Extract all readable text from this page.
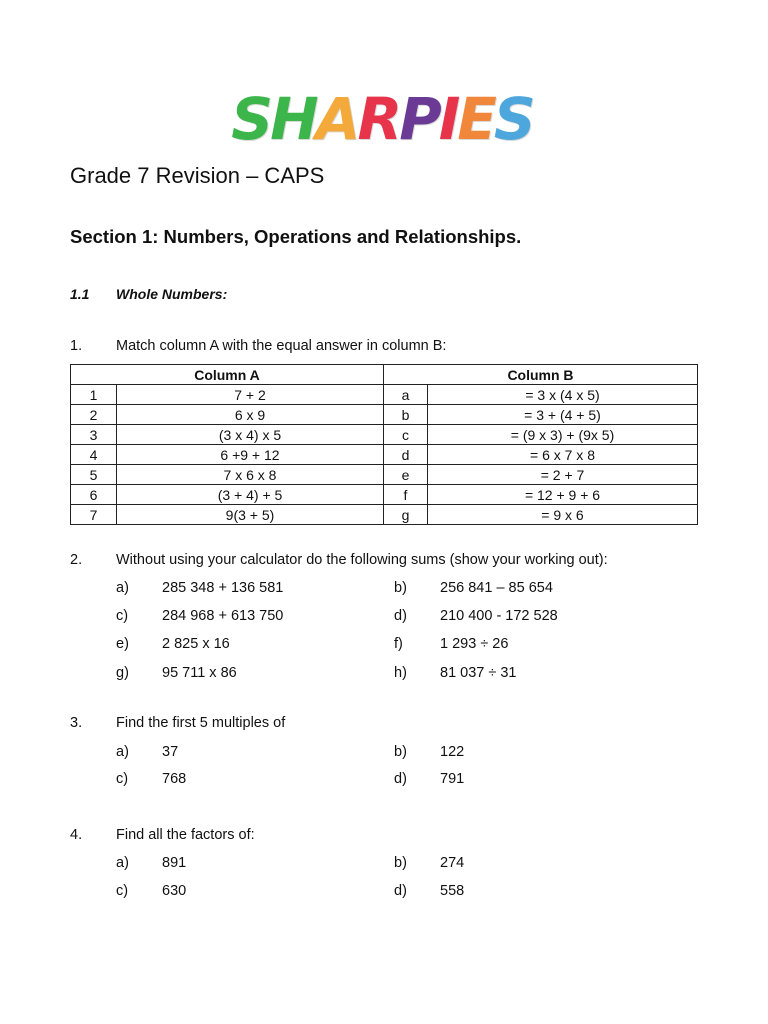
SHARPIES
Grade 7 Revision – CAPS
Section 1: Numbers, Operations and Relationships.
1.1 Whole Numbers:
1. Match column A with the equal answer in column B:
Column A		Column B	
1	7 + 2	a	= 3 x (4 x 5)
2	6 x 9	b	= 3 + (4 + 5)
3	(3 x 4) x 5	c	= (9 x 3) + (9x 5)
4	6 +9 + 12	d	= 6 x 7 x 8
5	7 x 6 x 8	e	= 2 + 7
6	(3 + 4) + 5	f	= 12 + 9 + 6
7	9(3 + 5)	g	= 9 x 6
2. Without using your calculator do the following sums (show your working out):
a) 285 348 + 136 581	b) 256 841 – 85 654
c) 284 968 + 613 750	d) 210 400 - 172 528
e) 2 825 x 16	f)	1 293 ÷ 26
g) 95 711 x 86	h) 81 037 ÷ 31
3. Find the first 5 multiples of
a) 37	b) 122
c) 768	d) 791
4. Find all the factors of:
a) 891	b) 274
c) 630	d) 558
